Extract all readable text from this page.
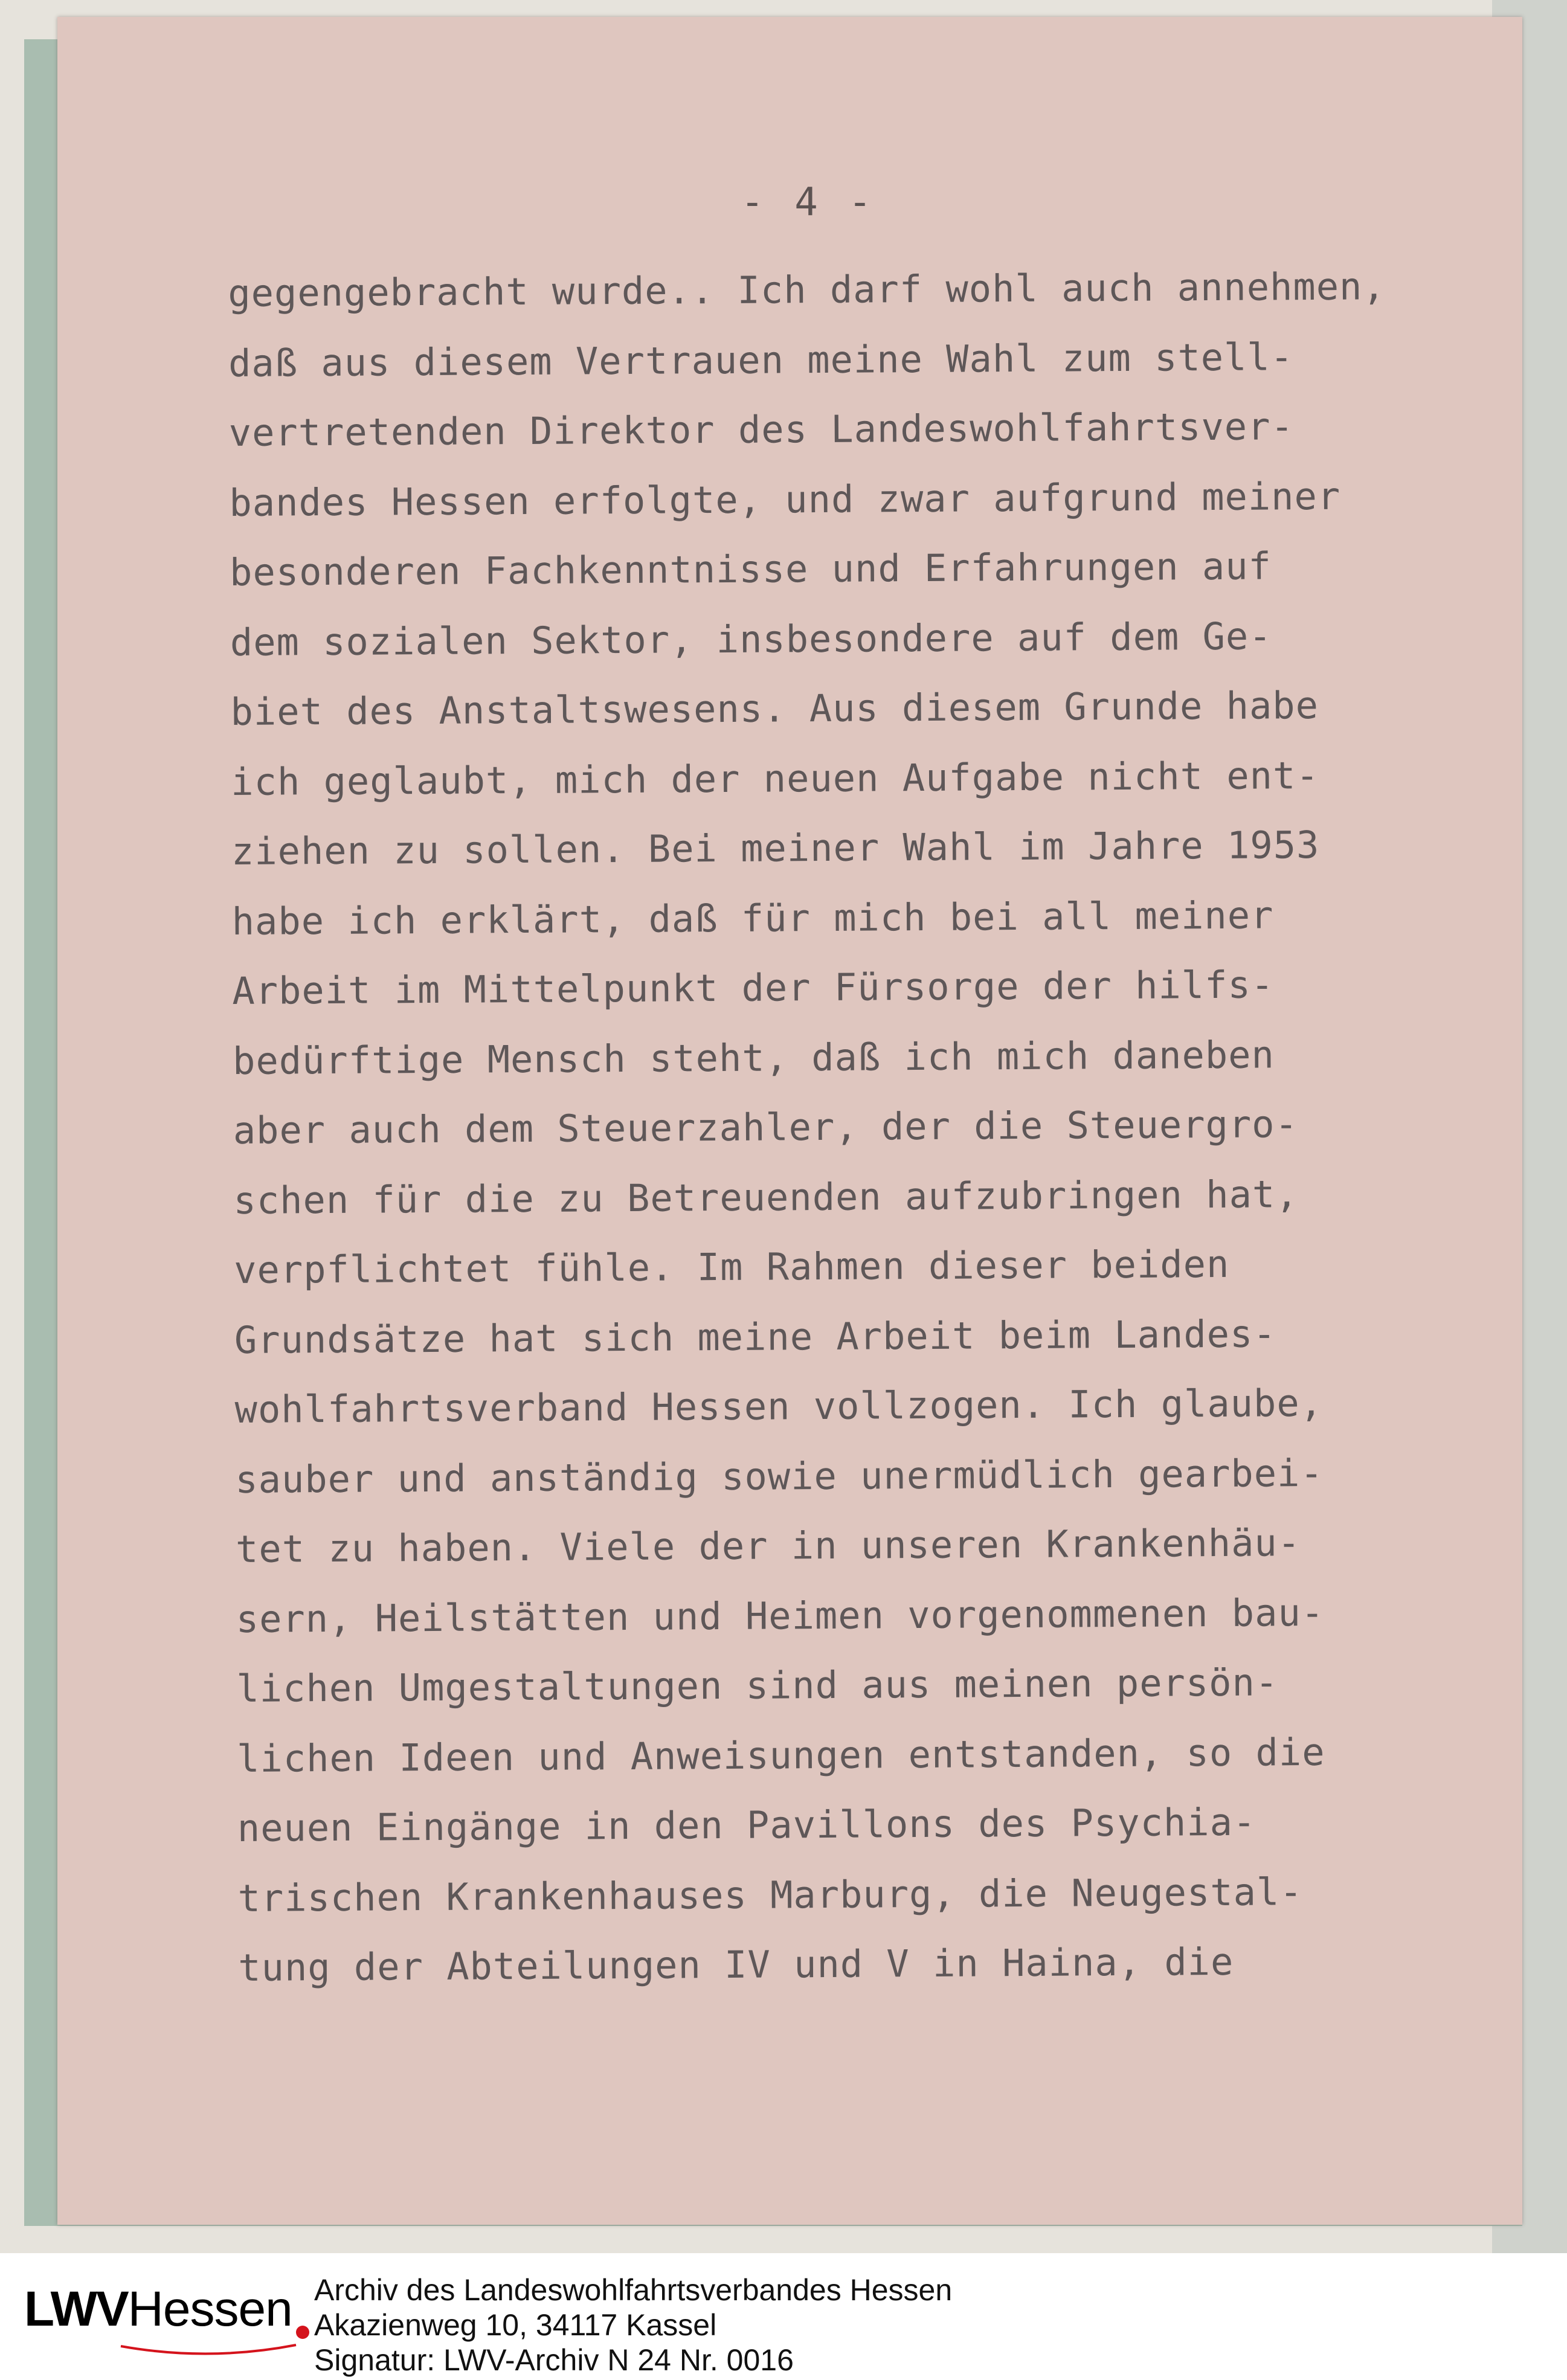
- 4 -
gegengebracht wurde.. Ich darf wohl auch annehmen,
daß aus diesem Vertrauen meine Wahl zum stell-
vertretenden Direktor des Landeswohlfahrtsver-
bandes Hessen erfolgte, und zwar aufgrund meiner
besonderen Fachkenntnisse und Erfahrungen auf
dem sozialen Sektor, insbesondere auf dem Ge-
biet des Anstaltswesens. Aus diesem Grunde habe
ich geglaubt, mich der neuen Aufgabe nicht ent-
ziehen zu sollen. Bei meiner Wahl im Jahre 1953
habe ich erklärt, daß für mich bei all meiner
Arbeit im Mittelpunkt der Fürsorge der hilfs-
bedürftige Mensch steht, daß ich mich daneben
aber auch dem Steuerzahler, der die Steuergro-
schen für die zu Betreuenden aufzubringen hat,
verpflichtet fühle. Im Rahmen dieser beiden
Grundsätze hat sich meine Arbeit beim Landes-
wohlfahrtsverband Hessen vollzogen. Ich glaube,
sauber und anständig sowie unermüdlich gearbei-
tet zu haben. Viele der in unseren Krankenhäu-
sern, Heilstätten und Heimen vorgenommenen bau-
lichen Umgestaltungen sind aus meinen persön-
lichen Ideen und Anweisungen entstanden, so die
neuen Eingänge in den Pavillons des Psychia-
trischen Krankenhauses Marburg, die Neugestal-
tung der Abteilungen IV und V in Haina, die
LWV Hessen Archiv des Landeswohlfahrtsverbandes Hessen
Akazienweg 10, 34117 Kassel
Signatur: LWV-Archiv N 24 Nr. 0016
